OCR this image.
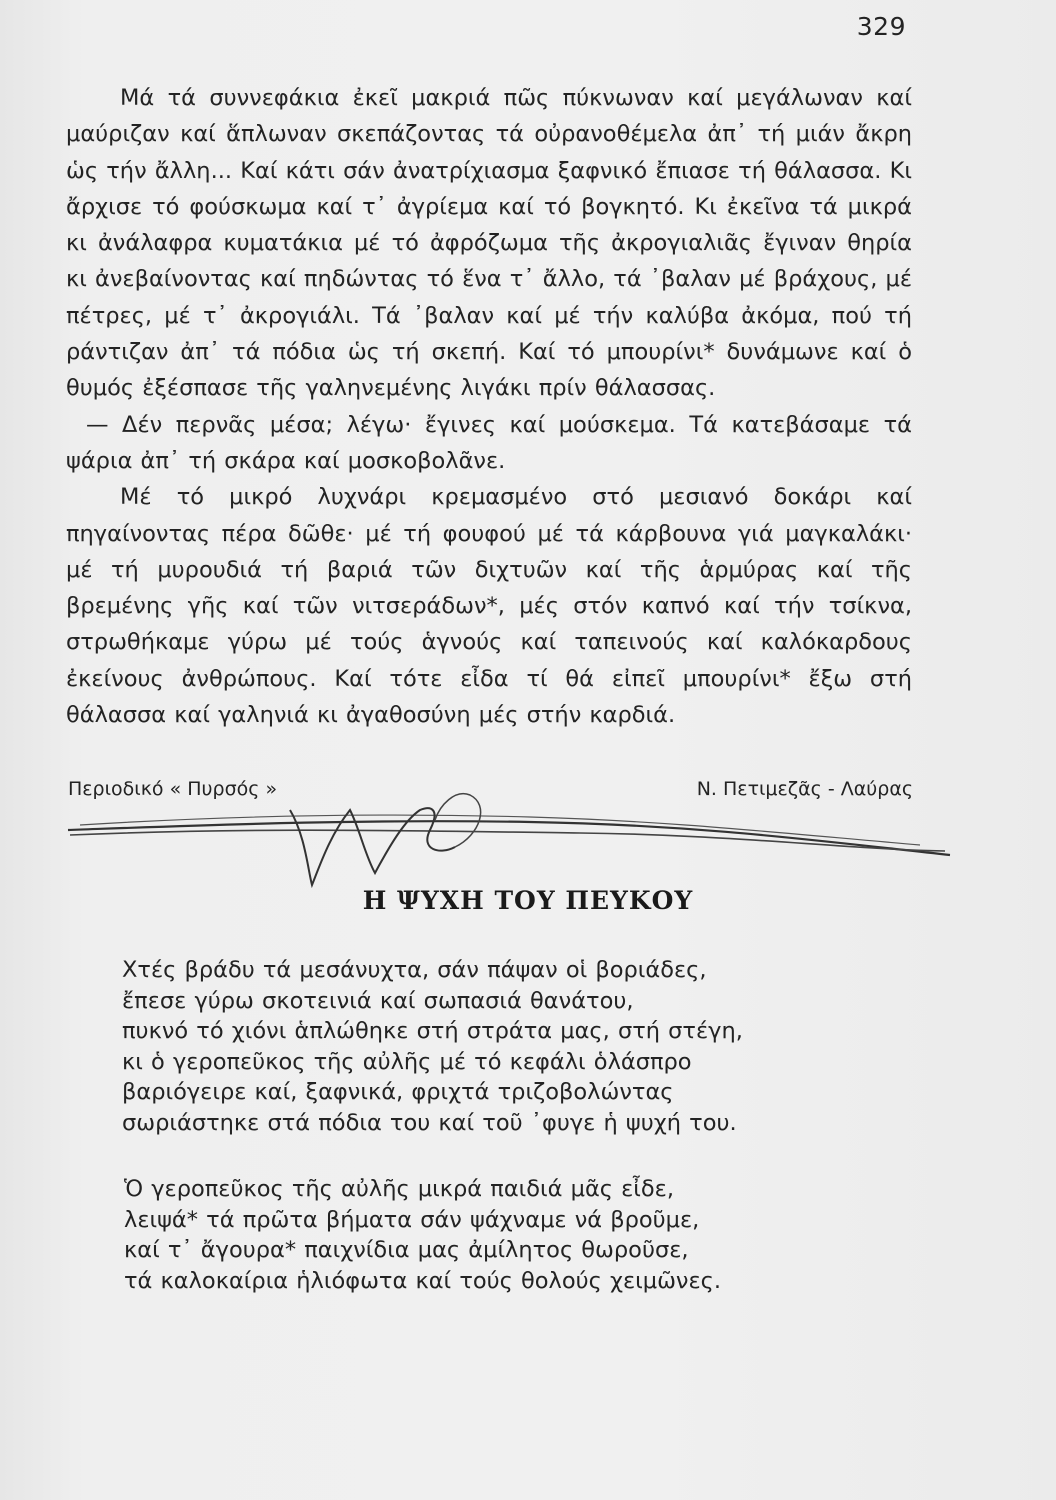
329

Μά τά συννεφάκια ἐκεῖ μακριά πῶς πύκνωναν καί μεγάλωναν καί μαύριζαν καί ἅπλωναν σκεπάζοντας τά οὐρανοθέμελα ἀπ᾽ τή μιάν ἄκρη ὡς τήν ἄλλη... Καί κάτι σάν ἀνατρίχιασμα ξαφνικό ἔπιασε τή θάλασσα. Κι ἄρχισε τό φούσκωμα καί τ᾽ ἀγρίεμα καί τό βογκητό. Κι ἐκεῖνα τά μικρά κι ἀνάλαφρα κυματάκια μέ τό ἀφρόζωμα τῆς ἀκρογιαλιᾶς ἔγιναν θηρία κι ἀνεβαίνοντας καί πηδώντας τό ἕνα τ᾽ ἄλλο, τά ᾽βαλαν μέ βράχους, μέ πέτρες, μέ τ᾽ ἀκρογιάλι. Τά ᾽βαλαν καί μέ τήν καλύβα ἀκόμα, πού τή ράντιζαν ἀπ᾽ τά πόδια ὡς τή σκεπή. Καί τό μπουρίνι* δυνάμωνε καί ὁ θυμός ἐξέσπασε τῆς γαληνεμένης λιγάκι πρίν θάλασσας.

— Δέν περνᾶς μέσα; λέγω· ἔγινες καί μούσκεμα. Τά κατεβάσαμε τά ψάρια ἀπ᾽ τή σκάρα καί μοσκοβολᾶνε.

Μέ τό μικρό λυχνάρι κρεμασμένο στό μεσιανό δοκάρι καί πηγαίνοντας πέρα δῶθε· μέ τή φουφού μέ τά κάρβουνα γιά μαγκαλάκι· μέ τή μυρουδιά τή βαριά τῶν διχτυῶν καί τῆς ἁρμύρας καί τῆς βρεμένης γῆς καί τῶν νιτσεράδων*, μές στόν καπνό καί τήν τσίκνα, στρωθήκαμε γύρω μέ τούς ἁγνούς καί ταπεινούς καί καλόκαρδους ἐκείνους ἀνθρώπους. Καί τότε εἶδα τί θά εἰπεῖ μπουρίνι* ἔξω στή θάλασσα καί γαληνιά κι ἀγαθοσύνη μές στήν καρδιά.

Περιοδικό « Πυρσός »	Ν. Πετιμεζᾶς - Λαύρας
Η ΨΥΧΗ ΤΟΥ ΠΕΥΚΟΥ
Χτές βράδυ τά μεσάνυχτα, σάν πάψαν οἱ βοριάδες,
ἔπεσε γύρω σκοτεινιά καί σωπασιά θανάτου,
πυκνό τό χιόνι ἁπλώθηκε στή στράτα μας, στή στέγη,
κι ὁ γεροπεῦκος τῆς αὐλῆς μέ τό κεφάλι ὁλάσπρο
βαριόγειρε καί, ξαφνικά, φριχτά τριζοβολώντας
σωριάστηκε στά πόδια του καί τοῦ ᾽φυγε ἡ ψυχή του.
Ὁ γεροπεῦκος τῆς αὐλῆς μικρά παιδιά μᾶς εἶδε,
λειψά* τά πρῶτα βήματα σάν ψάχναμε νά βροῦμε,
καί τ᾽ ἄγουρα* παιχνίδια μας ἀμίλητος θωροῦσε,
τά καλοκαίρια ἡλιόφωτα καί τούς θολούς χειμῶνες.
